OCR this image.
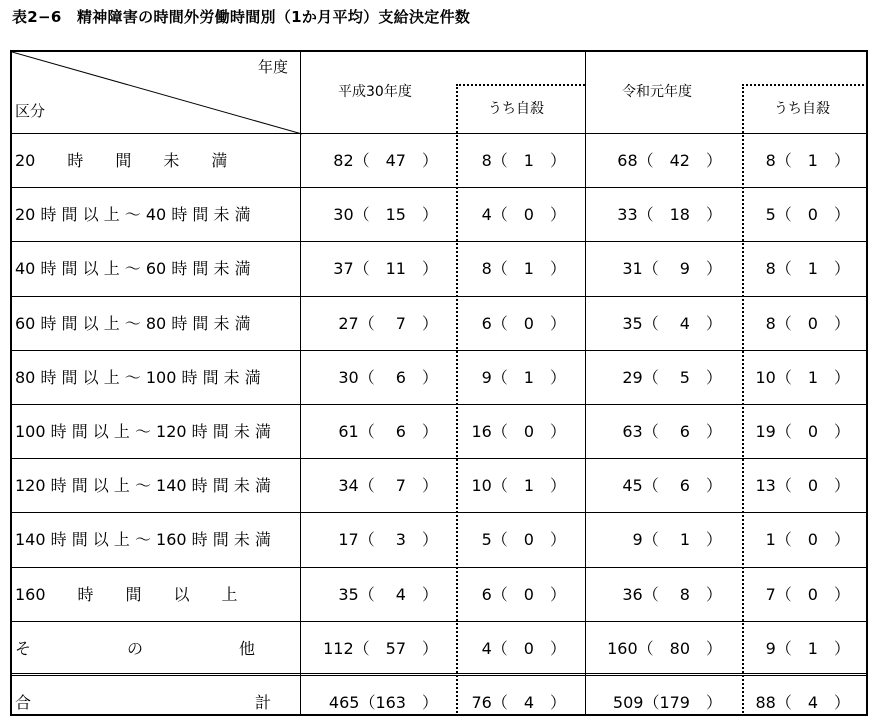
表2−6　精神障害の時間外労働時間別（1か月平均）支給決定件数
年度
区分
平成30年度
うち自殺
令和元年度
うち自殺
20　　時　　間　　未　　満	82（　47　）	8（　1　）	68（　42　）	8（　1　）
20 時 間 以 上 ～ 40 時 間 未 満	30（　15　）	4（　0　）	33（　18　）	5（　0　）
40 時 間 以 上 ～ 60 時 間 未 満	37（　11　）	8（　1　）	31（　 9　）	8（　1　）
60 時 間 以 上 ～ 80 時 間 未 満	27（　 7　）	6（　0　）	35（　 4　）	8（　0　）
80 時 間 以 上 ～ 100 時 間 未 満	30（　 6　）	9（　1　）	29（　 5　）	10（　1　）
100 時 間 以 上 ～ 120 時 間 未 満	61（　 6　）	16（　0　）	63（　 6　）	19（　0　）
120 時 間 以 上 ～ 140 時 間 未 満	34（　 7　）	10（　1　）	45（　 6　）	13（　0　）
140 時 間 以 上 ～ 160 時 間 未 満	17（　 3　）	5（　0　）	9（　 1　）	1（　0　）
160　　時　　間　　以　　上	35（　 4　）	6（　0　）	36（　 8　）	7（　0　）
そ　　　　　　の　　　　　　他	112（　57　）	4（　0　）	160（　80　）	9（　1　）
合　　　　　　　　　　　　　　計	465（163　）	76（　4　）	509（179　）	88（　4　）
